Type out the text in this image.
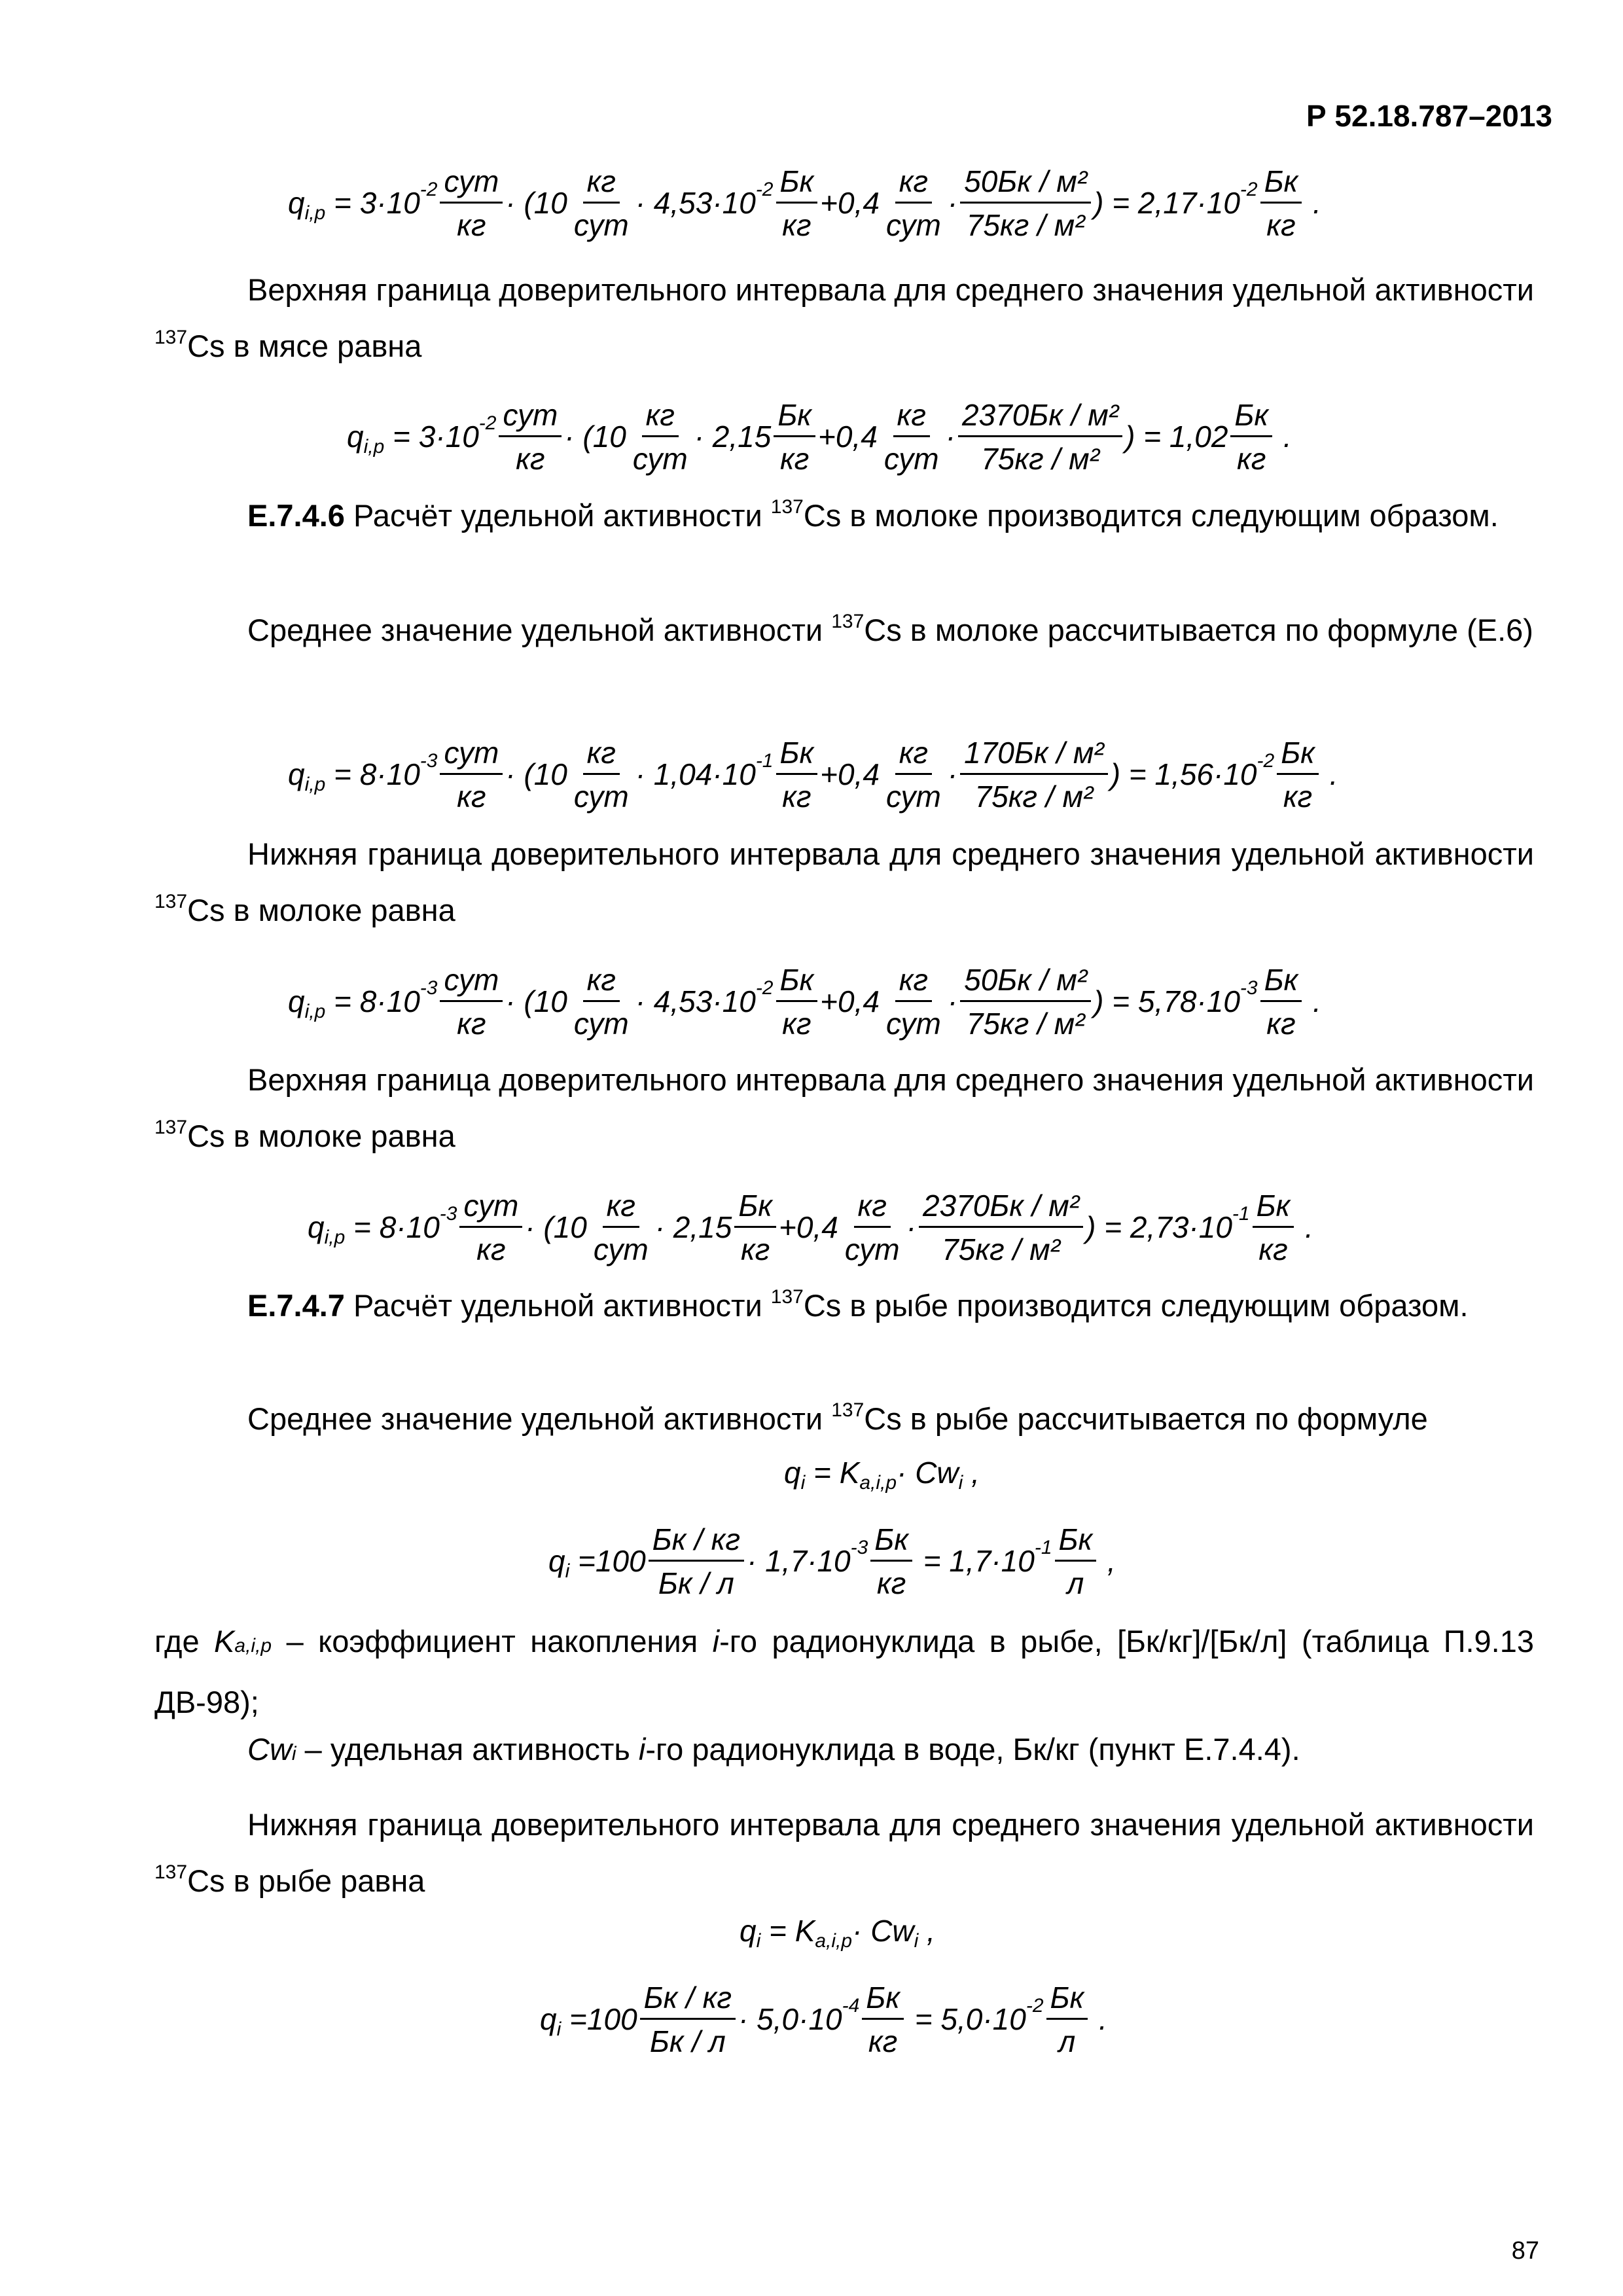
Р 52.18.787–2013
q i,p = 3·10 $-2 \frac{\text{сут}}{кг} \cdot (10 \frac{кг}{\text{сут}} \cdot 4,53\cdot 10$ $-2 \frac{Бк}{кг} +0,4 \frac{кг}{\text{сут}} \cdot \frac{\text{50Бк / м²}}{\text{75кг / м²}}$ ) = 2,17·10 $-2 \frac{Бк}{кг}$ .
Верхняя граница доверительного интервала для среднего значения удельной активности $^{137}$Cs в мясе равна
q i,p = 3·10 $-2 \frac{\text{сут}}{кг} \cdot (10 \frac{кг}{\text{сут}} \cdot 2,15 \frac{Бк}{кг} +0,4 \frac{кг}{\text{сут}} \cdot \frac{\text{2370Бк / м²}}{\text{75кг / м²}}$ ) = $1,02 \frac{Бк}{кг}$ .
Е.7.4.6 Расчёт удельной активности $^{137}$Cs в молоке производится следующим образом.
Среднее значение удельной активности $^{137}$Cs в молоке рассчитывается по формуле (Е.6)
q i,p = 8·10 $-3 \frac{\text{сут}}{кг} \cdot (10 \frac{кг}{\text{сут}} \cdot 1,04\cdot 10$ $-1 \frac{Бк}{кг} +0,4 \frac{кг}{\text{сут}} \cdot \frac{\text{170Бк / м²}}{\text{75кг / м²}}$ ) = 1,56·10 $-2 \frac{Бк}{кг}$ .
Нижняя граница доверительного интервала для среднего значения удельной активности $^{137}$Cs в молоке равна
q i,p = 8·10 $-3 \frac{\text{сут}}{кг} \cdot (10 \frac{кг}{\text{сут}} \cdot 4,53\cdot 10$ $-2 \frac{Бк}{кг} +0,4 \frac{кг}{\text{сут}} \cdot \frac{\text{50Бк / м²}}{\text{75кг / м²}}$ ) = 5,78·10 $-3 \frac{Бк}{кг}$ .
Верхняя граница доверительного интервала для среднего значения удельной активности $^{137}$Cs в молоке равна
q i,p = 8·10 $-3 \frac{\text{сут}}{кг} \cdot (10 \frac{кг}{\text{сут}} \cdot 2,15 \frac{Бк}{кг} +0,4 \frac{кг}{\text{сут}} \cdot \frac{\text{2370Бк / м²}}{\text{75кг / м²}}$ ) = 2,73·10 $-1 \frac{Бк}{кг}$ .
Е.7.4.7 Расчёт удельной активности $^{137}$Cs в рыбе производится следующим образом.
Среднее значение удельной активности $^{137}$Cs в рыбе рассчитывается по формуле
q i = K a,i,p · Cw i ,
q $i =100 \frac{Бк / кг}{Бк / л} \cdot 1,7\cdot 10$ $-3 \frac{Бк}{кг} = 1,7\cdot 10$ $-1 \frac{Бк}{л}$ ,
где Ka,i,p – коэффициент накопления i-го радионуклида в рыбе, [Бк/кг]/[Бк/л] (таблица П.9.13 ДВ-98);
Cwi – удельная активность i-го радионуклида в воде, Бк/кг (пункт Е.7.4.4).
Нижняя граница доверительного интервала для среднего значения удельной активности $^{137}$Cs в рыбе равна
q i = K a,i,p · Cw i ,
q $i =100 \frac{Бк / кг}{Бк / л} \cdot 5,0\cdot 10$ $-4 \frac{Бк}{кг} = 5,0\cdot 10$ $-2 \frac{Бк}{л}$ .
87
